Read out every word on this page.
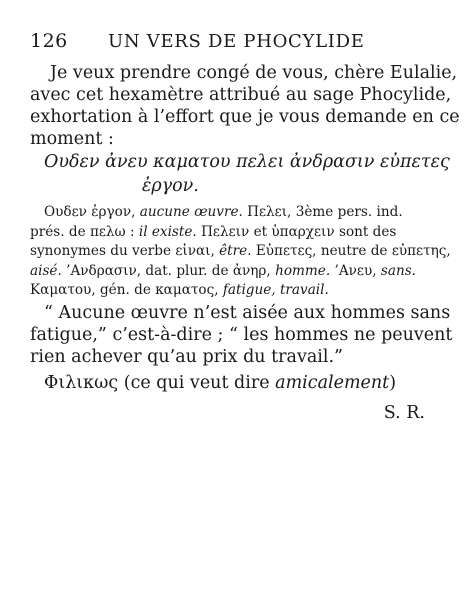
126 UN VERS DE PHOCYLIDE
Je veux prendre congé de vous, chère Eulalie,
avec cet hexamètre attribué au sage Phocylide,
exhortation à l’effort que je vous demande en ce
moment :
Ουδεν ἀνευ καματου πελει ἀνδρασιν εὐπετες
ἐργον.
Ουδεν ἐργον, aucune œuvre. Πελει, 3ème pers. ind.
prés. de πελω : il existe. Πελειν et ὑπαρχειν sont des
synonymes du verbe εἰναι, être. Εὐπετες, neutre de εὐπετης,
aisé. ’Ανδρασιν, dat. plur. de ἀνηρ, homme. ’Ανευ, sans.
Καματου, gén. de καματος, fatigue, travail.
“ Aucune œuvre n’est aisée aux hommes sans
fatigue,” c’est-à-dire ; “ les hommes ne peuvent
rien achever qu’au prix du travail.”
Φιλικως (ce qui veut dire amicalement)
S. R.
